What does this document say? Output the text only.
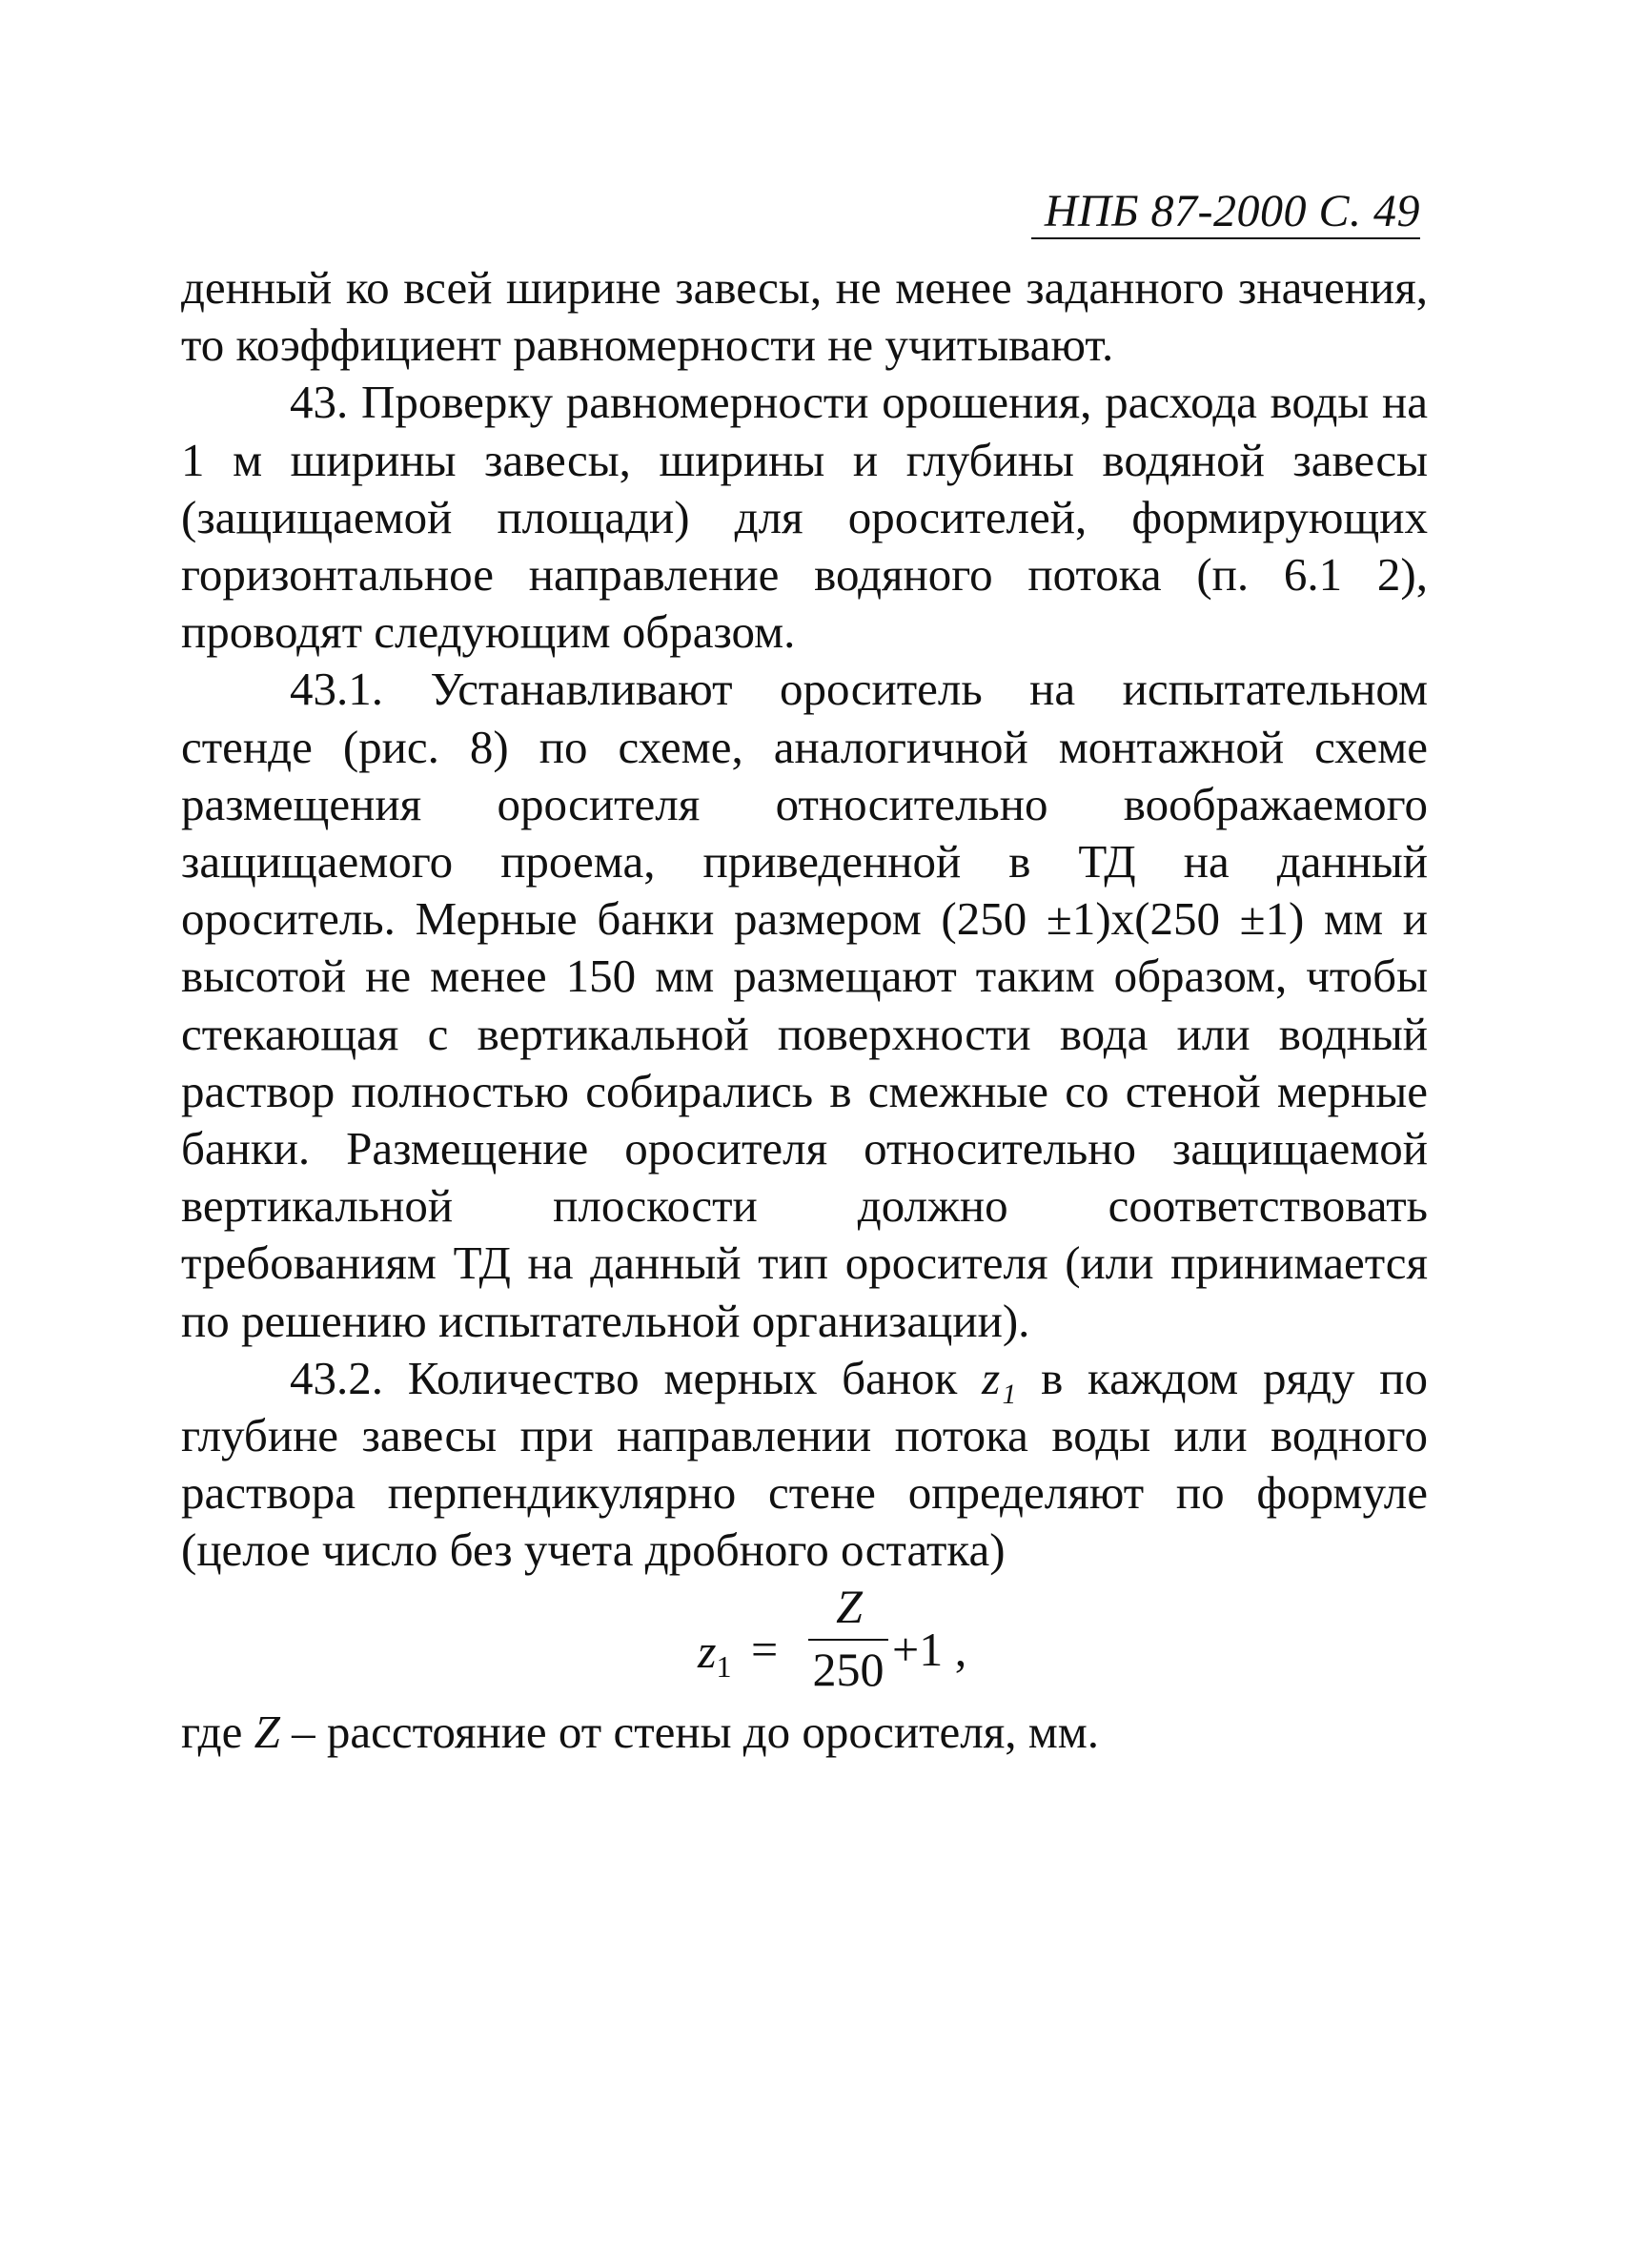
НПБ 87-2000 С. 49

денный ко всей ширине завесы, не менее заданного значения, то коэффициент равномерности не учитывают.

43. Проверку равномерности орошения, расхода воды на 1 м ширины завесы, ширины и глубины водяной завесы (защищаемой площади) для оросителей, формирующих горизонтальное направление водяного потока (п. 6.1 2), проводят следующим образом.

43.1. Устанавливают ороситель на испытательном стенде (рис. 8) по схеме, аналогичной монтажной схеме размещения оросителя относительно воображаемого защищаемого проема, приведенной в ТД на данный ороситель. Мерные банки размером (250 ±1)x(250 ±1) мм и высотой не менее 150 мм размещают таким образом, чтобы стекающая с вертикальной поверхности вода или водный раствор полностью собирались в смежные со стеной мерные банки. Размещение оросителя относительно защищаемой вертикальной плоскости должно соответствовать требованиям ТД на данный тип оросителя (или принимается по решению испытательной организации).

43.2. Количество мерных банок z₁ в каждом ряду по глубине завесы при направлении потока воды или водного раствора перпендикулярно стене определяют по формуле (целое число без учета дробного остатка)

$z_1$ =
Z
250 +1 ,

где Z – расстояние от стены до оросителя, мм.
